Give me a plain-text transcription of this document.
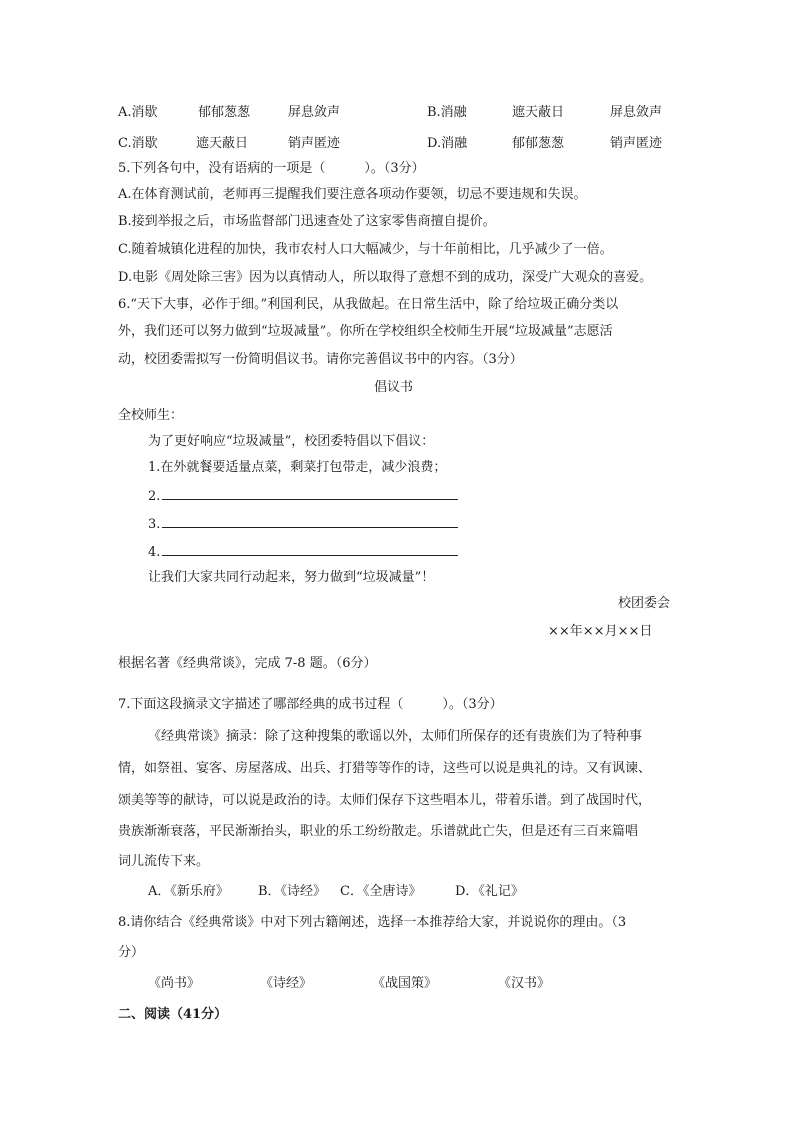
A.消歇	郁郁葱葱	屏息敛声	B.消融	遮天蔽日	屏息敛声
C.消歇	遮天蔽日	销声匿迹	D.消融	郁郁葱葱	销声匿迹
5.下列各句中，没有语病的一项是（　　　）。（3分）
A.在体育测试前，老师再三提醒我们要注意各项动作要领，切忌不要违规和失误。
B.接到举报之后，市场监督部门迅速查处了这家零售商擅自提价。
C.随着城镇化进程的加快，我市农村人口大幅减少，与十年前相比，几乎减少了一倍。
D.电影《周处除三害》因为以真情动人，所以取得了意想不到的成功，深受广大观众的喜爱。
6.“天下大事，必作于细。”利国利民，从我做起。在日常生活中，除了给垃圾正确分类以
外，我们还可以努力做到“垃圾减量”。你所在学校组织全校师生开展“垃圾减量”志愿活
动，校团委需拟写一份简明倡议书。请你完善倡议书中的内容。（3分）
倡议书
全校师生：
为了更好响应“垃圾减量”，校团委特倡以下倡议：
1.在外就餐要适量点菜，剩菜打包带走，减少浪费；
2.
3.
4.
让我们大家共同行动起来，努力做到“垃圾减量”！
校团委会
××年××月××日
根据名著《经典常谈》，完成 7-8 题。（6分）
7.下面这段摘录文字描述了哪部经典的成书过程（　　　）。（3分）
《经典常谈》摘录：除了这种搜集的歌谣以外，太师们所保存的还有贵族们为了特种事
情，如祭祖、宴客、房屋落成、出兵、打猎等等作的诗，这些可以说是典礼的诗。又有讽谏、
颂美等等的献诗，可以说是政治的诗。太师们保存下这些唱本儿，带着乐谱。到了战国时代，
贵族渐渐衰落，平民渐渐抬头，职业的乐工纷纷散走。乐谱就此亡失，但是还有三百来篇唱
词儿流传下来。
A．《新乐府》 B．《诗经》 C．《全唐诗》	D．《礼记》
8.请你结合《经典常谈》中对下列古籍阐述，选择一本推荐给大家，并说说你的理由。（3
分）
《尚书》	《诗经》	《战国策》	《汉书》
二、阅读（41分）
